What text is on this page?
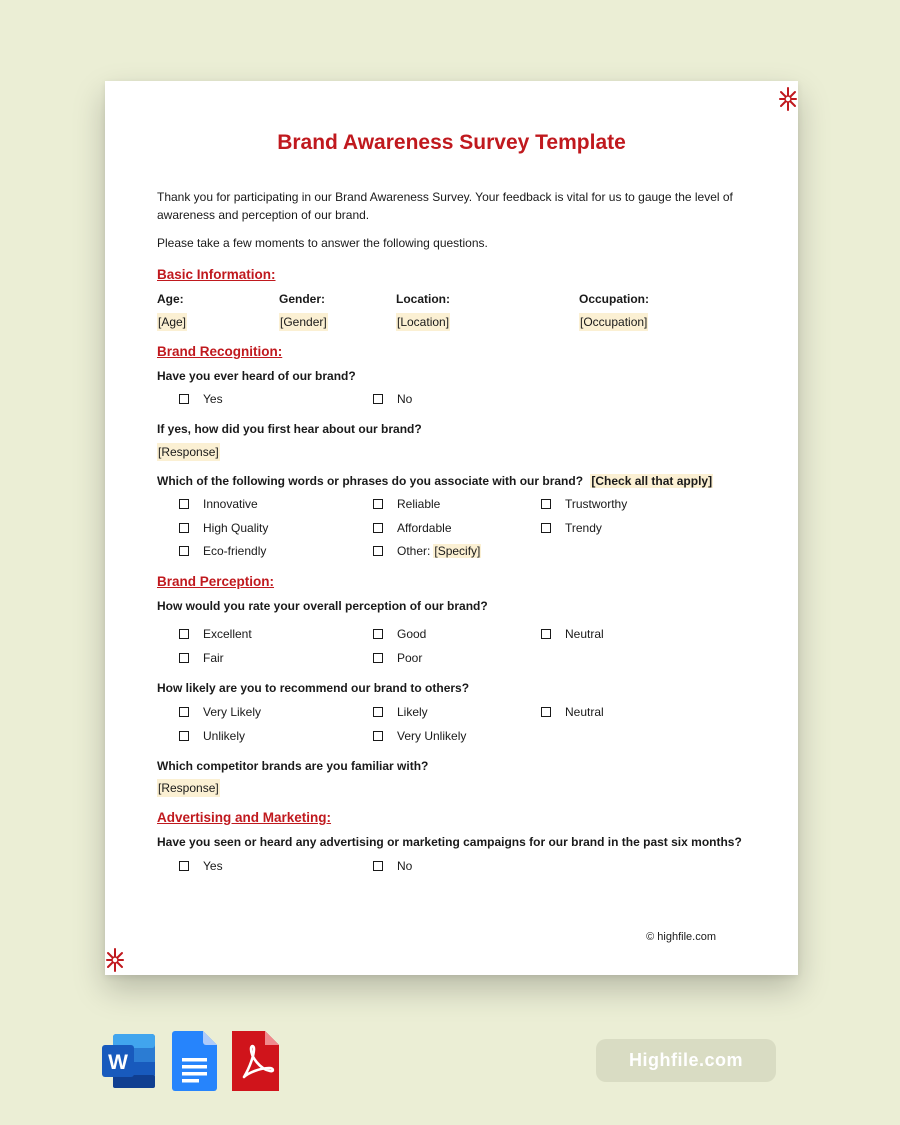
Brand Awareness Survey Template
Thank you for participating in our Brand Awareness Survey. Your feedback is vital for us to gauge the level of awareness and perception of our brand.
Please take a few moments to answer the following questions.
Basic Information:
Age:	Gender:	Location:	Occupation:
[Age]	[Gender]	[Location]	[Occupation]
Brand Recognition:
Have you ever heard of our brand?
Yes	No
If yes, how did you first hear about our brand?
[Response]
Which of the following words or phrases do you associate with our brand? [Check all that apply]
Innovative	Reliable	Trustworthy
High Quality	Affordable	Trendy
Eco-friendly	Other: [Specify]
Brand Perception:
How would you rate your overall perception of our brand?
Excellent	Good	Neutral
Fair	Poor
How likely are you to recommend our brand to others?
Very Likely	Likely	Neutral
Unlikely	Very Unlikely
Which competitor brands are you familiar with?
[Response]
Advertising and Marketing:
Have you seen or heard any advertising or marketing campaigns for our brand in the past six months?
Yes	No
© highfile.com
W	Highfile.com
